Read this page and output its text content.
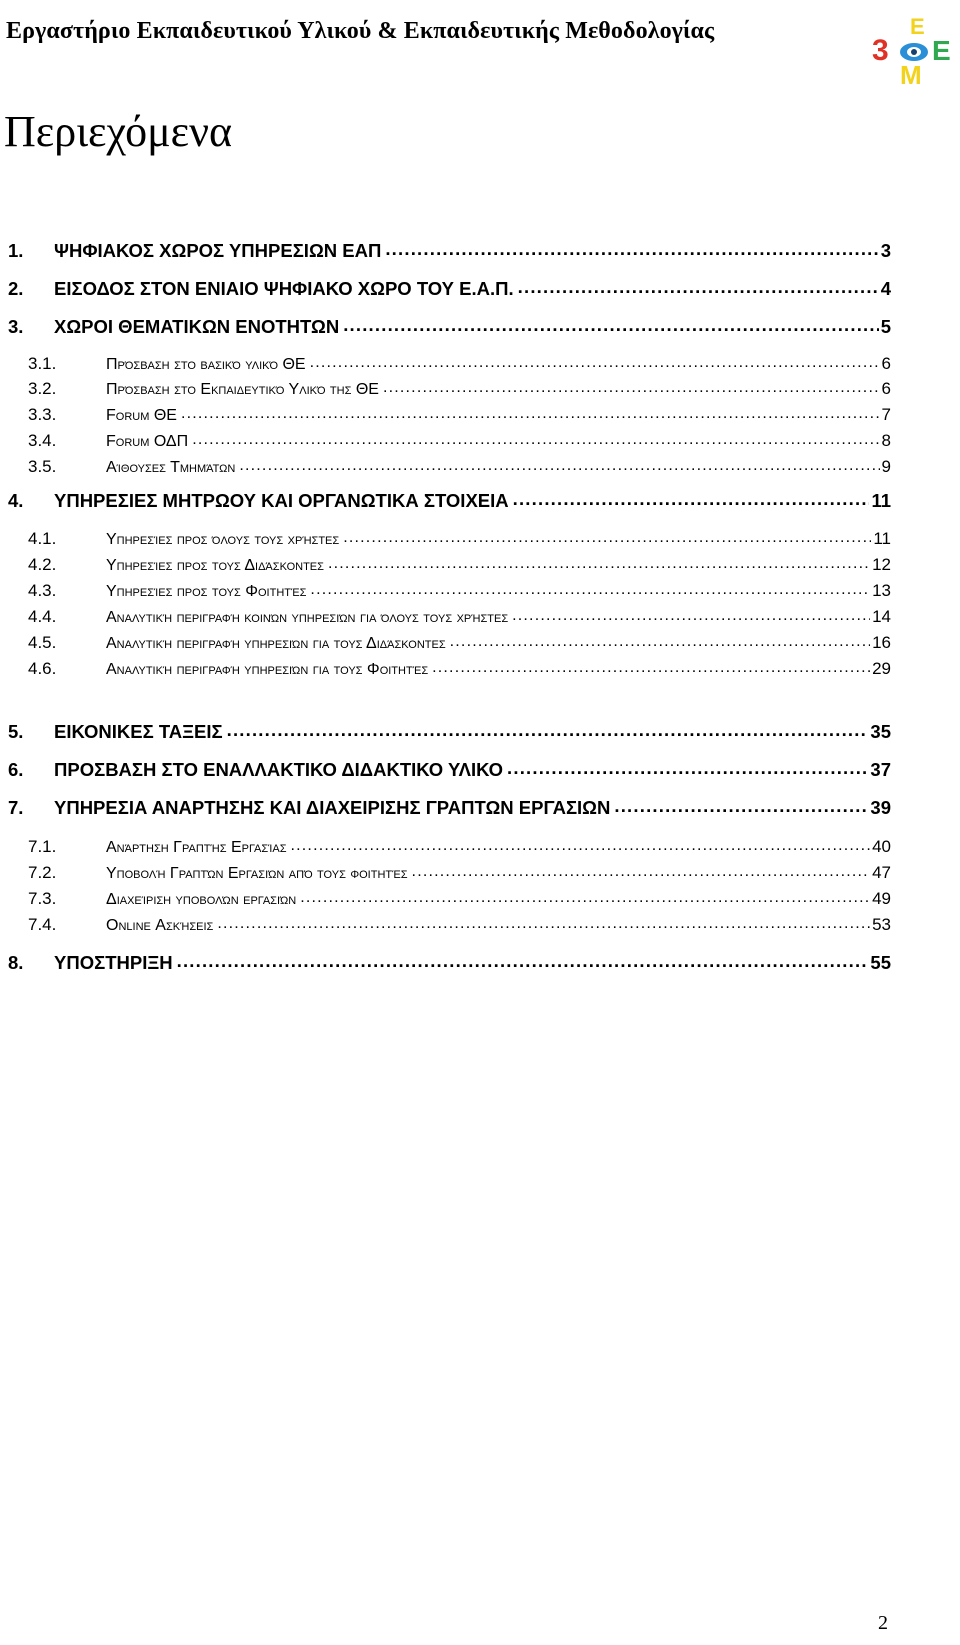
Εργαστήριο Εκπαιδευτικού Υλικού & Εκπαιδευτικής Μεθοδολογίας	E
3 E
M
Περιεχόμενα
1.	ΨΗΦΙΑΚΟΣ ΧΩΡΟΣ ΥΠΗΡΕΣΙΩΝ ΕΑΠ .....	3
2.	ΕΙΣΟΔΟΣ ΣΤΟΝ ΕΝΙΑΙΟ ΨΗΦΙΑΚΟ ΧΩΡΟ ΤΟΥ Ε.Α.Π. .....	4
3.	ΧΩΡΟΙ ΘΕΜΑΤΙΚΩΝ ΕΝΟΤΗΤΩΝ .....	5
3.1.	Πρόσβαση στο βασικό υλικό ΘΕ .....	6
3.2.	Πρόσβαση στο Εκπαιδευτικό Υλικό της ΘΕ .....	6
3.3.	Forum ΘΕ .....	7
3.4.	Forum ΟΔΠ .....	8
3.5.	Αίθουσες Τμημάτων .....	9
4.	ΥΠΗΡΕΣΙΕΣ ΜΗΤΡΩΟΥ ΚΑΙ ΟΡΓΑΝΩΤΙΚΑ ΣΤΟΙΧΕΙΑ .....	11
4.1.	Υπηρεσίες προς όλους τους χρήστες .....	11
4.2.	Υπηρεσίες προς τους Διδάσκοντες .....	12
4.3.	Υπηρεσίες προς τους Φοιτητές .....	13
4.4.	Αναλυτική περιγραφή κοινών υπηρεσιών για όλους τους χρήστες .....	14
4.5.	Αναλυτική περιγραφή υπηρεσιών για τους Διδάσκοντες .....	16
4.6.	Αναλυτική περιγραφή υπηρεσιών για τους Φοιτητές .....	29
5.	ΕΙΚΟΝΙΚΕΣ ΤΑΞΕΙΣ .....	35
6.	ΠΡΟΣΒΑΣΗ ΣΤΟ ΕΝΑΛΛΑΚΤΙΚΟ ΔΙΔΑΚΤΙΚΟ ΥΛΙΚΟ .....	37
7.	ΥΠΗΡΕΣΙΑ ΑΝΑΡΤΗΣΗΣ ΚΑΙ ΔΙΑΧΕΙΡΙΣΗΣ ΓΡΑΠΤΩΝ ΕΡΓΑΣΙΩΝ .....	39
7.1.	Ανάρτηση Γραπτής Εργασίας .....	40
7.2.	Υποβολή Γραπτών Εργασιών από τους φοιτητές .....	47
7.3.	Διαχείριση υποβολών εργασιών .....	49
7.4.	Online Ασκήσεις .....	53
8.	ΥΠΟΣΤΗΡΙΞΗ .....	55
2
